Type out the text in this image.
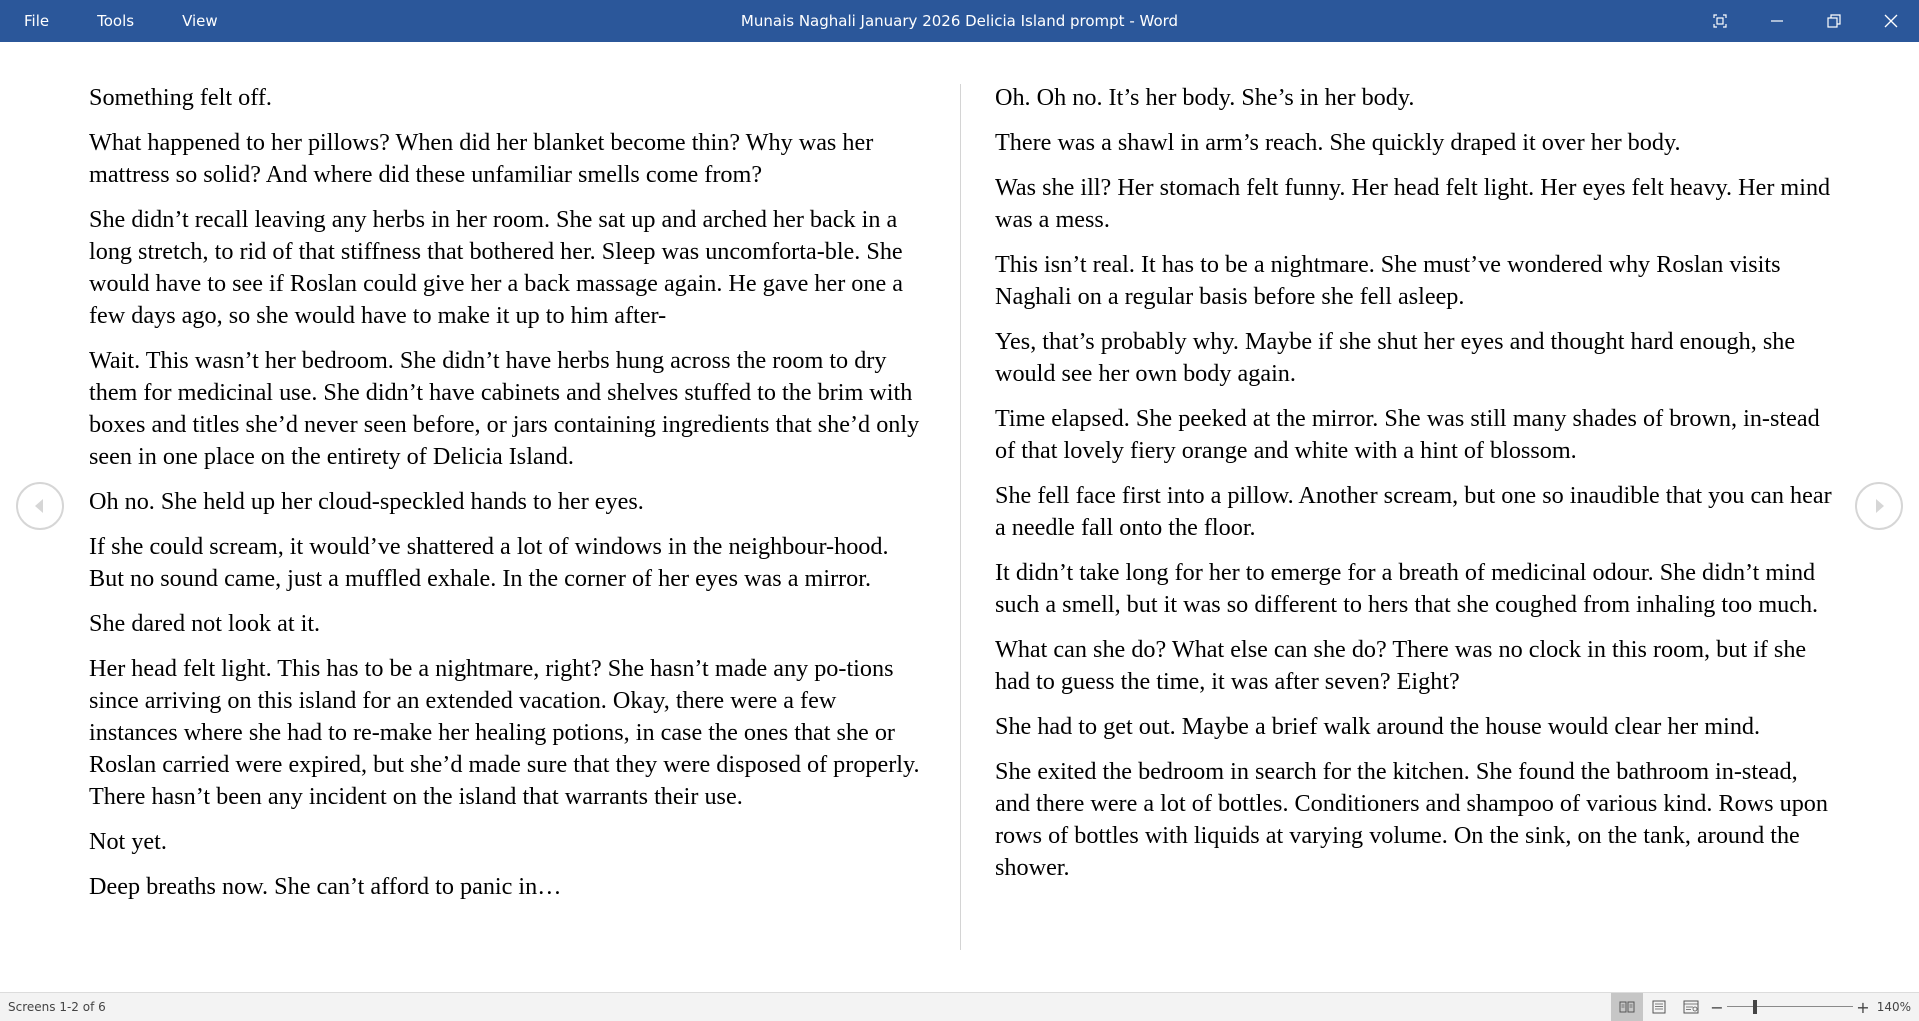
File	Tools	View	Munais Naghali January 2026 Delicia Island prompt - Word

Something felt off.

What happened to her pillows? When did her blanket become thin? Why was her mattress so solid? And where did these unfamiliar smells come from?

She didn’t recall leaving any herbs in her room. She sat up and arched her back in a long stretch, to rid of that stiffness that bothered her. Sleep was uncomforta-ble. She would have to see if Roslan could give her a back massage again. He gave her one a few days ago, so she would have to make it up to him after-

Wait. This wasn’t her bedroom. She didn’t have herbs hung across the room to dry them for medicinal use. She didn’t have cabinets and shelves stuffed to the brim with boxes and titles she’d never seen before, or jars containing ingredients that she’d only seen in one place on the entirety of Delicia Island.

Oh no. She held up her cloud-speckled hands to her eyes.

If she could scream, it would’ve shattered a lot of windows in the neighbour-hood. But no sound came, just a muffled exhale. In the corner of her eyes was a mirror.

She dared not look at it.

Her head felt light. This has to be a nightmare, right? She hasn’t made any po-tions since arriving on this island for an extended vacation. Okay, there were a few instances where she had to re-make her healing potions, in case the ones that she or Roslan carried were expired, but she’d made sure that they were disposed of properly. There hasn’t been any incident on the island that warrants their use.

Not yet.

Deep breaths now. She can’t afford to panic in…

Oh. Oh no. It’s her body. She’s in her body.

There was a shawl in arm’s reach. She quickly draped it over her body.

Was she ill? Her stomach felt funny. Her head felt light. Her eyes felt heavy. Her mind was a mess.

This isn’t real. It has to be a nightmare. She must’ve wondered why Roslan visits Naghali on a regular basis before she fell asleep.

Yes, that’s probably why. Maybe if she shut her eyes and thought hard enough, she would see her own body again.

Time elapsed. She peeked at the mirror. She was still many shades of brown, in-stead of that lovely fiery orange and white with a hint of blossom.

She fell face first into a pillow. Another scream, but one so inaudible that you can hear a needle fall onto the floor.

It didn’t take long for her to emerge for a breath of medicinal odour. She didn’t mind such a smell, but it was so different to hers that she coughed from inhaling too much.

What can she do? What else can she do? There was no clock in this room, but if she had to guess the time, it was after seven? Eight?

She had to get out. Maybe a brief walk around the house would clear her mind.

She exited the bedroom in search for the kitchen. She found the bathroom in-stead, and there were a lot of bottles. Conditioners and shampoo of various kind. Rows upon rows of bottles with liquids at varying volume. On the sink, on the tank, around the shower.

Screens 1-2 of 6	−	+ 140%
